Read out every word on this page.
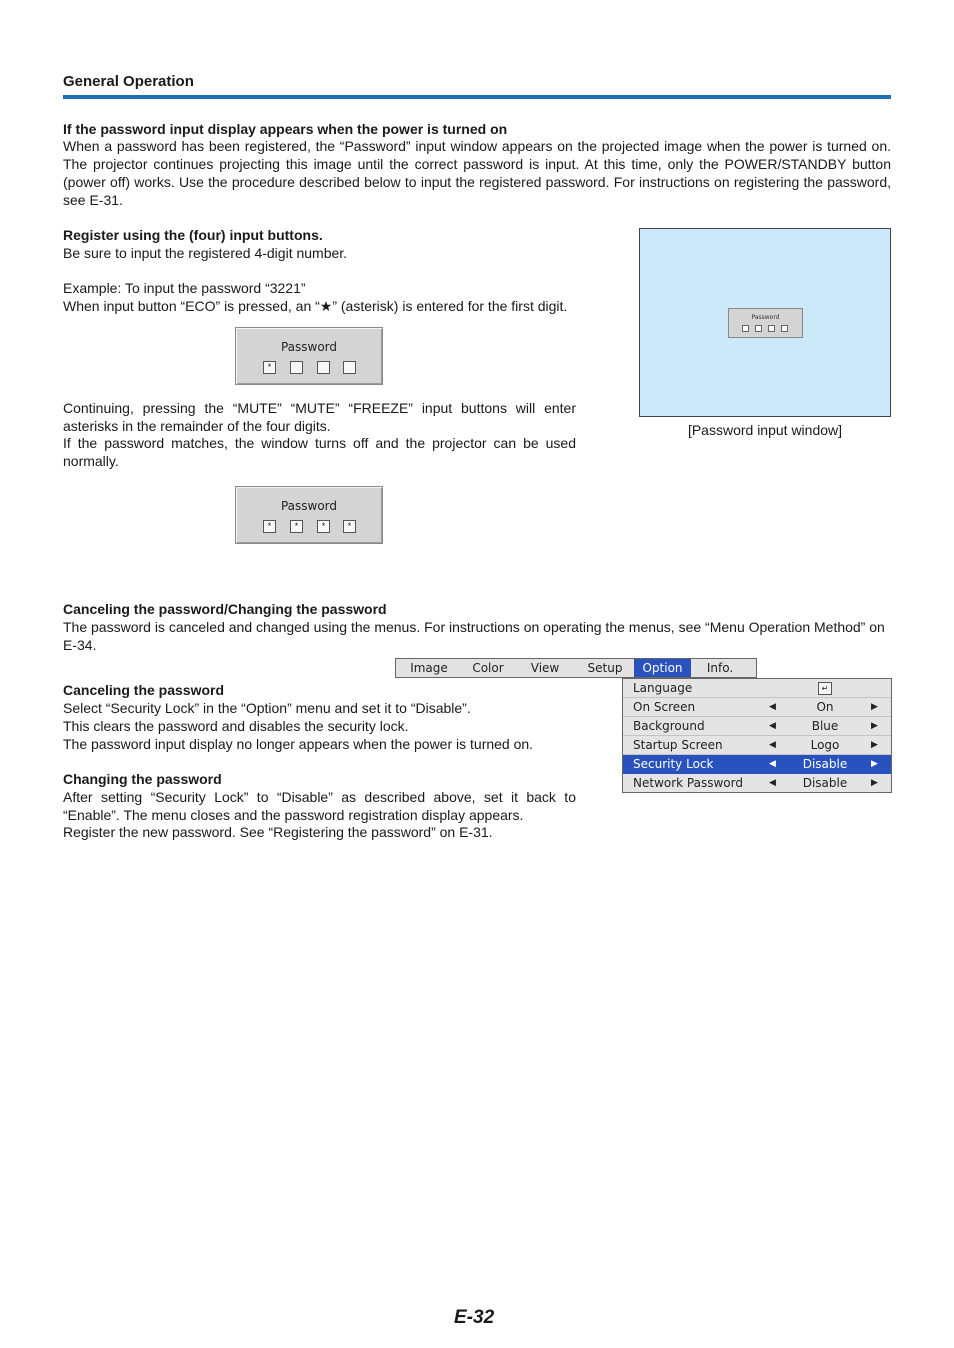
General Operation
If the password input display appears when the power is turned on
When a password has been registered, the “Password” input window appears on the projected image when the power is turned on. The projector continues projecting this image until the correct password is input. At this time, only the POWER/STANDBY button (power off) works. Use the procedure described below to input the registered password. For instructions on registering the password, see E-31.
Register using the (four) input buttons.
Be sure to input the registered 4-digit number.
Example: To input the password “3221”
When input button “ECO” is pressed, an “★” (asterisk) is entered for the first digit.
Password
*
Continuing, pressing the “MUTE” “MUTE” “FREEZE” input buttons will enter asterisks in the remainder of the four digits.
If the password matches, the window turns off and the projector can be used normally.
Password
*	*	*	*
Password
[Password input window]
Canceling the password/Changing the password
The password is canceled and changed using the menus. For instructions on operating the menus, see “Menu Operation Method” on E-34.
Image	Color	View	Setup	Option	Info.
Language	↵
On Screen	◀	On	▶
Background	◀	Blue	▶
Startup Screen	◀	Logo	▶
Security Lock	◀	Disable	▶
Network Password	◀	Disable	▶
Canceling the password
Select “Security Lock” in the “Option” menu and set it to “Disable”.
This clears the password and disables the security lock.
The password input display no longer appears when the power is turned on.
Changing the password
After setting “Security Lock” to “Disable” as described above, set it back to “Enable”. The menu closes and the password registration display appears.
Register the new password. See “Registering the password” on E-31.
E-32
